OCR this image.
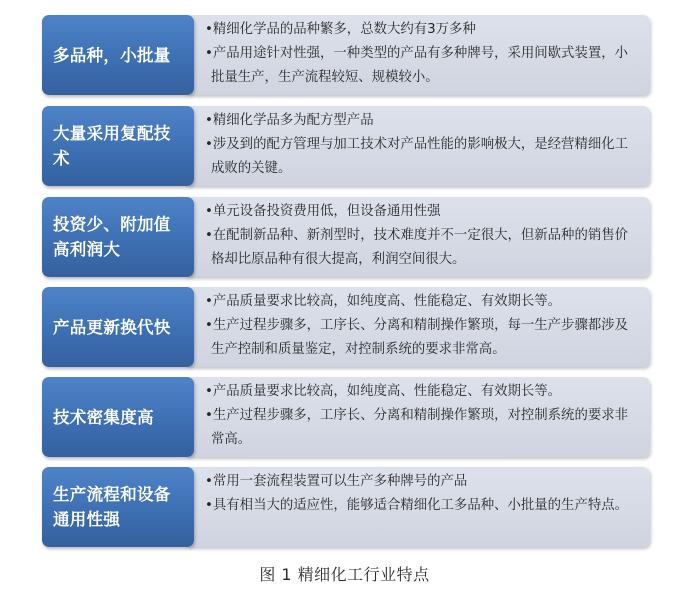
多品种，小批量
•精细化学品的品种繁多，总数大约有3万多种
•产品用途针对性强，一种类型的产品有多种牌号，采用间歇式装置，小批量生产，生产流程较短、规模较小。
大量采用复配技术
•精细化学品多为配方型产品
•涉及到的配方管理与加工技术对产品性能的影响极大，是经营精细化工成败的关键。
投资少、附加值高利润大
•单元设备投资费用低，但设备通用性强
•在配制新品种、新剂型时，技术难度并不一定很大，但新品种的销售价格却比原品种有很大提高，利润空间很大。
产品更新换代快
•产品质量要求比较高，如纯度高、性能稳定、有效期长等。
•生产过程步骤多，工序长、分离和精制操作繁琐，每一生产步骤都涉及生产控制和质量鉴定，对控制系统的要求非常高。
技术密集度高
•产品质量要求比较高，如纯度高、性能稳定、有效期长等。
•生产过程步骤多，工序长、分离和精制操作繁琐，对控制系统的要求非常高。
生产流程和设备通用性强
•常用一套流程装置可以生产多种牌号的产品
•具有相当大的适应性，能够适合精细化工多品种、小批量的生产特点。
图 1 精细化工行业特点
